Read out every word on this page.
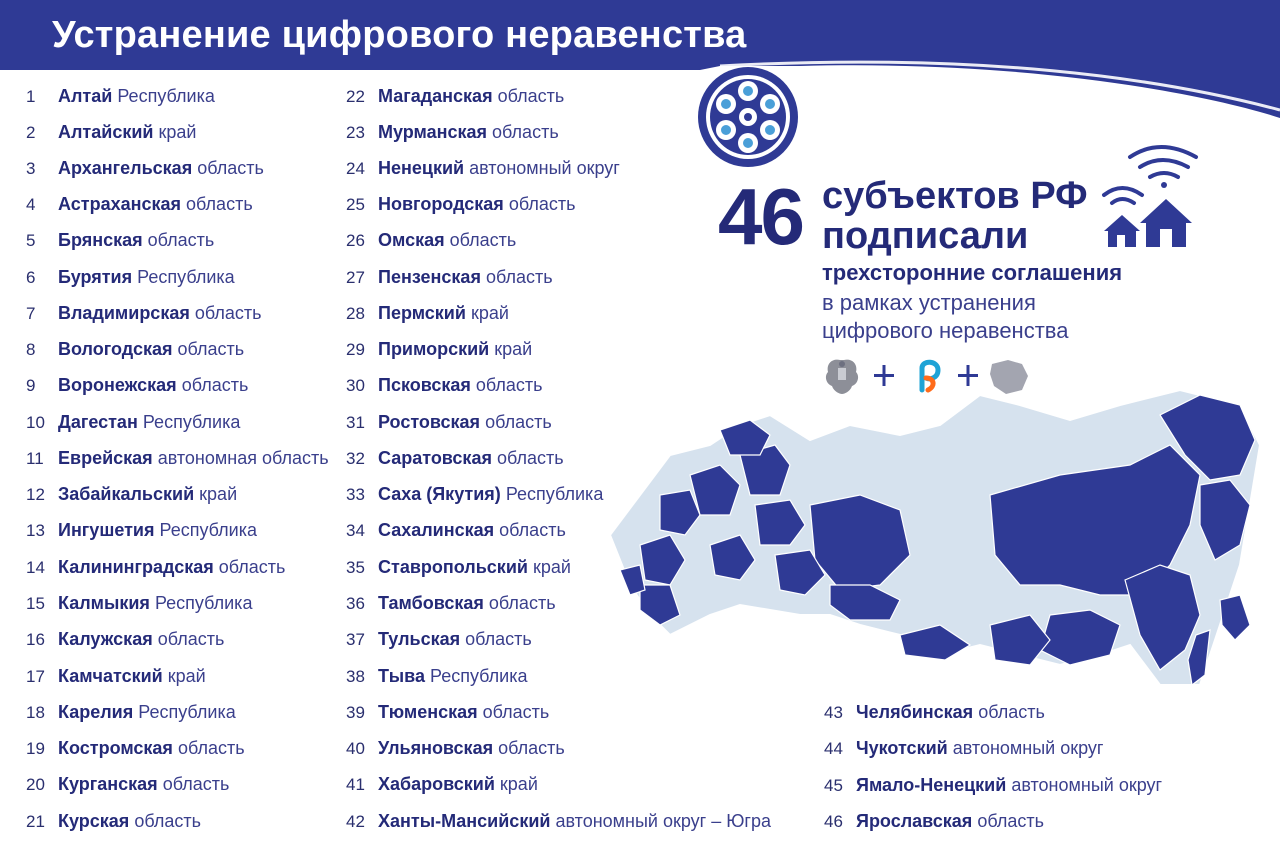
Устранение цифрового неравенства
1 Алтай Республика
2 Алтайский край
3 Архангельская область
4 Астраханская область
5 Брянская область
6 Бурятия Республика
7 Владимирская область
8 Вологодская область
9 Воронежская область
10 Дагестан Республика
11 Еврейская автономная область
12 Забайкальский край
13 Ингушетия Республика
14 Калининградская область
15 Калмыкия Республика
16 Калужская область
17 Камчатский край
18 Карелия Республика
19 Костромская область
20 Курганская область
21 Курская область
22 Магаданская область
23 Мурманская область
24 Ненецкий автономный округ
25 Новгородская область
26 Омская область
27 Пензенская область
28 Пермский край
29 Приморский край
30 Псковская область
31 Ростовская область
32 Саратовская область
33 Саха (Якутия) Республика
34 Сахалинская область
35 Ставропольский край
36 Тамбовская область
37 Тульская область
38 Тыва Республика
39 Тюменская область
40 Ульяновская область
41 Хабаровский край
42 Ханты-Мансийский автономный округ – Югра
43 Челябинская область
44 Чукотский автономный округ
45 Ямало-Ненецкий автономный округ
46 Ярославская область
46 субъектов РФ
подписали
трехсторонние соглашения
в рамках устранения
цифрового неравенства
